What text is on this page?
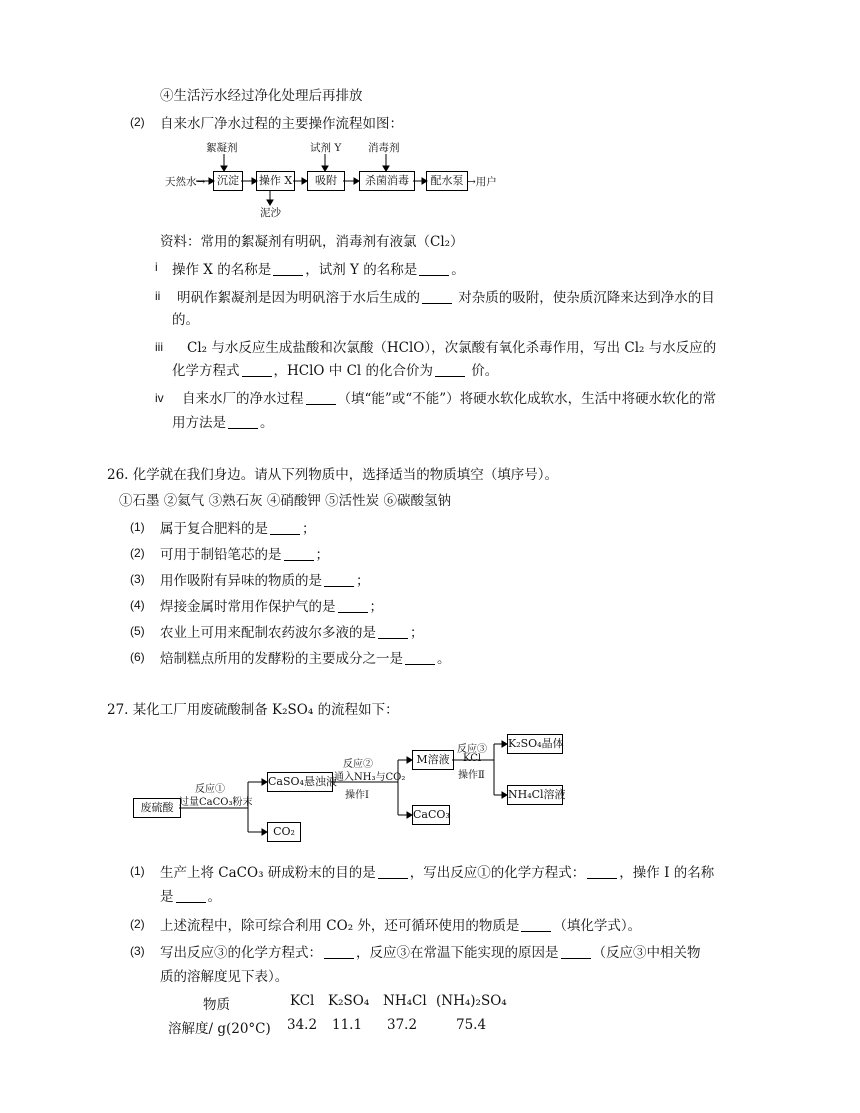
④生活污水经过净化处理后再排放
(2) 自来水厂净水过程的主要操作流程如图：
天然水→	沉淀	操作 X	吸附	杀菌消毒	配水泵 →用户
絮凝剂	试剂 Y	消毒剂
泥沙
资料：常用的絮凝剂有明矾，消毒剂有液氯（Cl₂）
i 操作 X 的名称是	，试剂 Y 的名称是	。
ii 明矾作絮凝剂是因为明矾溶于水后生成的	对杂质的吸附，使杂质沉降来达到净水的目
的。
iii Cl₂ 与水反应生成盐酸和次氯酸（HClO），次氯酸有氧化杀毒作用，写出 Cl₂ 与水反应的
化学方程式	，HClO 中 Cl 的化合价为	价。
iv 自来水厂的净水过程	（填“能”或“不能”）将硬水软化成软水，生活中将硬水软化的常
用方法是	。
26. 化学就在我们身边。请从下列物质中，选择适当的物质填空（填序号）。
①石墨 ②氦气 ③熟石灰 ④硝酸钾 ⑤活性炭 ⑥碳酸氢钠
(1) 属于复合肥料的是	；
(2) 可用于制铅笔芯的是	；
(3) 用作吸附有异味的物质的是	；
(4) 焊接金属时常用作保护气的是	；
(5) 农业上可用来配制农药波尔多液的是	；
(6) 焙制糕点所用的发酵粉的主要成分之一是	。
27. 某化工厂用废硫酸制备 K₂SO₄ 的流程如下：
废硫酸
反应①
过量CaCO₃粉末
CaSO₄悬浊液
CO₂
反应②
通入NH₃与CO₂
操作Ⅰ
M溶液
CaCO₃
反应③
KCl
操作Ⅱ
K₂SO₄晶体
NH₄Cl溶液
(1) 生产上将 CaCO₃ 研成粉末的目的是	，写出反应①的化学方程式：	，操作 Ⅰ 的名称
是	。
(2) 上述流程中，除可综合利用 CO₂ 外，还可循环使用的物质是	（填化学式）。
(3) 写出反应③的化学方程式：	，反应③在常温下能实现的原因是	（反应③中相关物
质的溶解度见下表）。
物质	KCl K₂SO₄ NH₄Cl (NH₄)₂SO₄
溶解度/ g(20°C) 34.2 11.1 37.2	75.4
